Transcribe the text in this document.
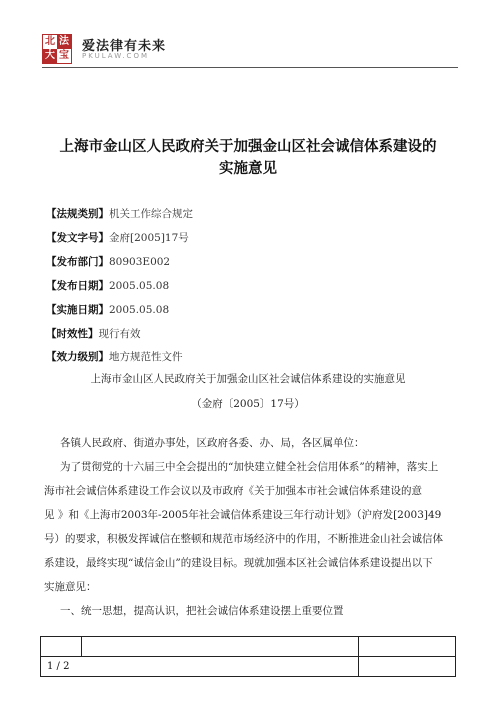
北 法
大 宝
爱法律有未来
PKULAW.COM
上海市金山区人民政府关于加强金山区社会诚信体系建设的
实施意见
【法规类别】机关工作综合规定
【发文字号】金府[2005]17号
【发布部门】80903E002
【发布日期】2005.05.08
【实施日期】2005.05.08
【时效性】现行有效
【效力级别】地方规范性文件
上海市金山区人民政府关于加强金山区社会诚信体系建设的实施意见
（金府〔2005〕17号）
各镇人民政府、街道办事处，区政府各委、办、局，各区属单位：
为了贯彻党的十六届三中全会提出的“加快建立健全社会信用体系”的精神，落实上
海市社会诚信体系建设工作会议以及市政府《关于加强本市社会诚信体系建设的意
见 》和《上海市2003年-2005年社会诚信体系建设三年行动计划》（沪府发[2003]49
号）的要求，积极发挥诚信在整顿和规范市场经济中的作用，不断推进金山社会诚信体
系建设，最终实现“诚信金山”的建设目标。现就加强本区社会诚信体系建设提出以下
实施意见：
一、统一思想，提高认识，把社会诚信体系建设摆上重要位置

1 / 2		
